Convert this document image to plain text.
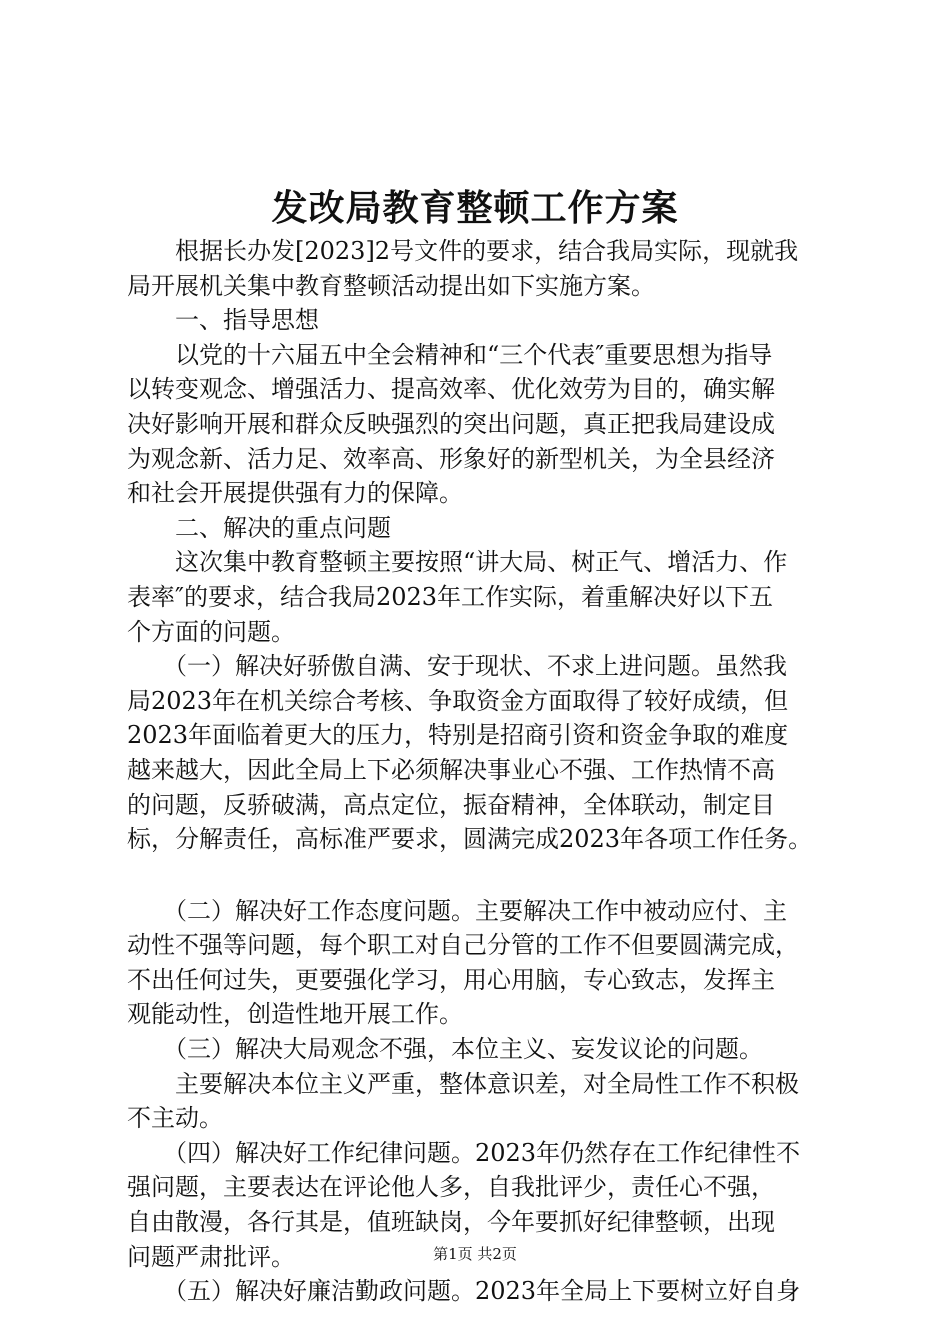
发改局教育整顿工作方案
　　根据长办发[2023]2号文件的要求，结合我局实际，现就我
局开展机关集中教育整顿活动提出如下实施方案。
　　一、指导思想
　　以党的十六届五中全会精神和“三个代表″重要思想为指导
以转变观念、增强活力、提高效率、优化效劳为目的，确实解
决好影响开展和群众反映强烈的突出问题，真正把我局建设成
为观念新、活力足、效率高、形象好的新型机关，为全县经济
和社会开展提供强有力的保障。
　　二、解决的重点问题
　　这次集中教育整顿主要按照“讲大局、树正气、增活力、作
表率″的要求，结合我局2023年工作实际，着重解决好以下五
个方面的问题。
　　（一）解决好骄傲自满、安于现状、不求上进问题。虽然我
局2023年在机关综合考核、争取资金方面取得了较好成绩，但
2023年面临着更大的压力，特别是招商引资和资金争取的难度
越来越大，因此全局上下必须解决事业心不强、工作热情不高
的问题，反骄破满，高点定位，振奋精神，全体联动，制定目
标，分解责任，高标准严要求，圆满完成2023年各项工作任务。
　　（二）解决好工作态度问题。主要解决工作中被动应付、主
动性不强等问题，每个职工对自己分管的工作不但要圆满完成，
不出任何过失，更要强化学习，用心用脑，专心致志，发挥主
观能动性，创造性地开展工作。
　　（三）解决大局观念不强，本位主义、妄发议论的问题。
　　主要解决本位主义严重，整体意识差，对全局性工作不积极
不主动。
　　（四）解决好工作纪律问题。2023年仍然存在工作纪律性不
强问题，主要表达在评论他人多，自我批评少，责任心不强，
自由散漫，各行其是，值班缺岗，今年要抓好纪律整顿，出现
问题严肃批评。
　　（五）解决好廉洁勤政问题。2023年全局上下要树立好自身
第1页 共2页
